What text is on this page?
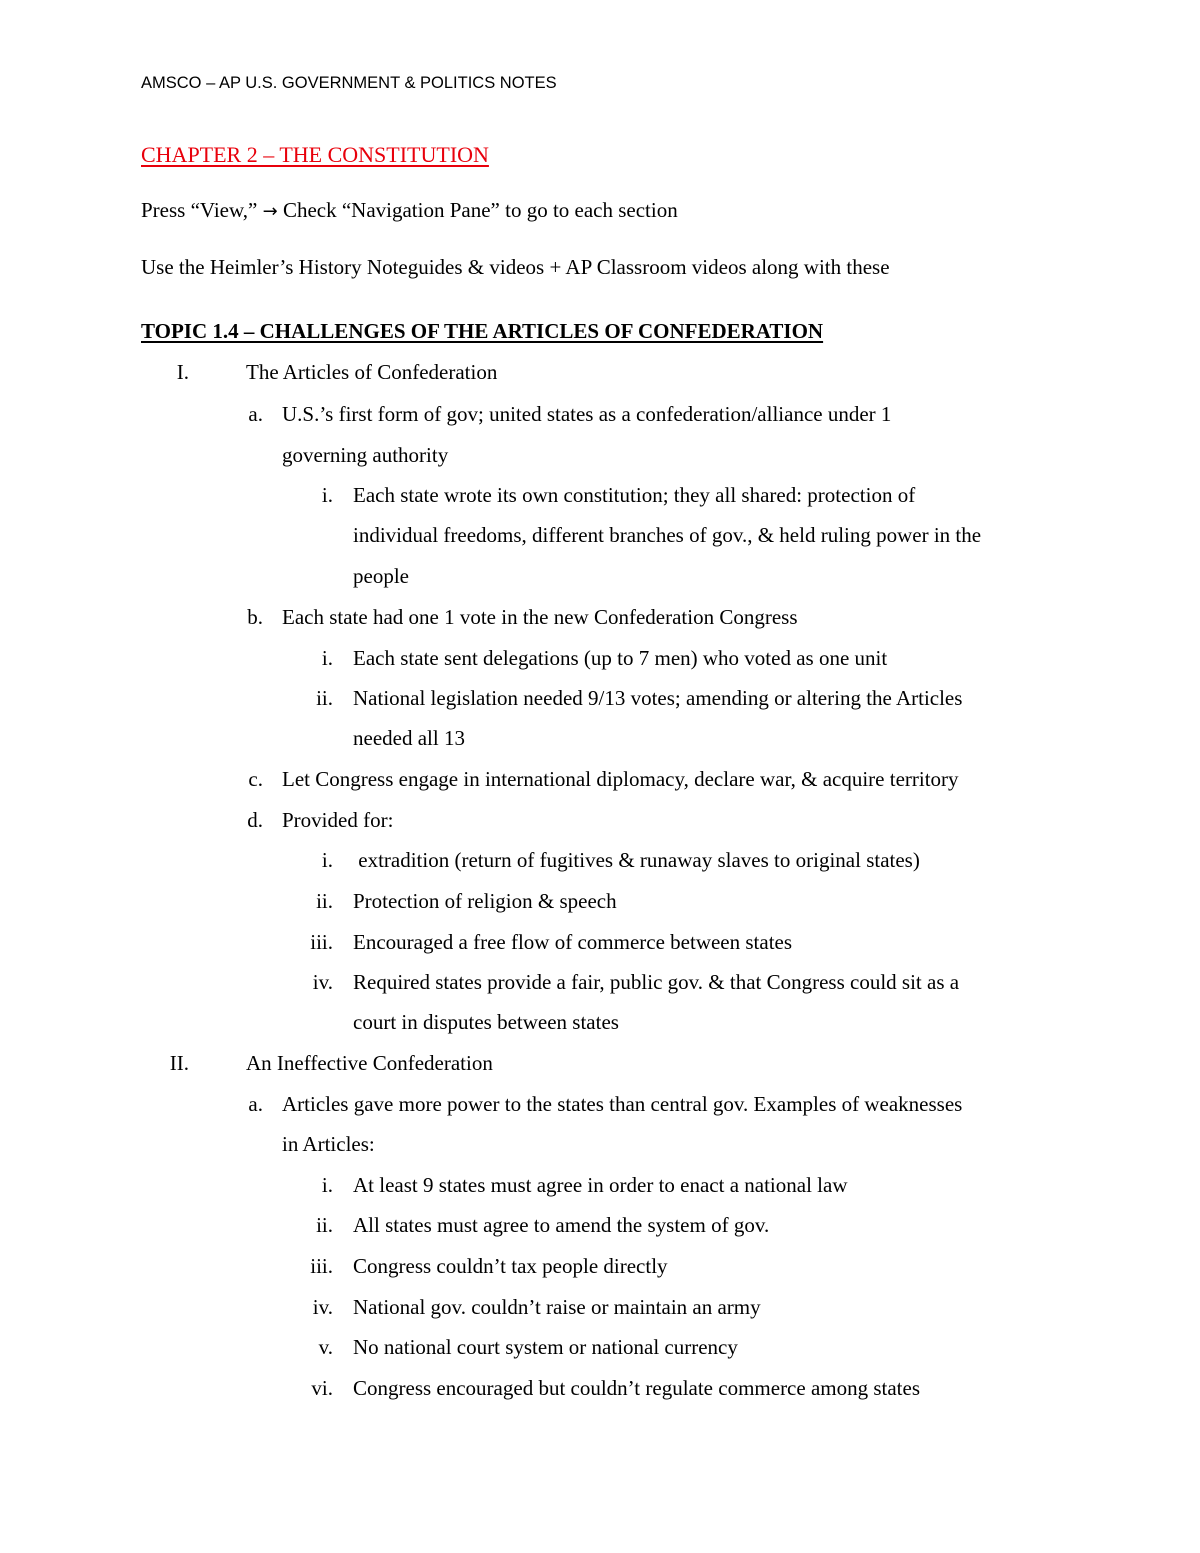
AMSCO – AP U.S. GOVERNMENT & POLITICS NOTES
CHAPTER 2 – THE CONSTITUTION
Press “View,” → Check “Navigation Pane” to go to each section
Use the Heimler’s History Noteguides & videos + AP Classroom videos along with these
TOPIC 1.4 – CHALLENGES OF THE ARTICLES OF CONFEDERATION
I.	The Articles of Confederation
a. U.S.’s first form of gov; united states as a confederation/alliance under 1
governing authority
i. Each state wrote its own constitution; they all shared: protection of
individual freedoms, different branches of gov., & held ruling power in the
people
b. Each state had one 1 vote in the new Confederation Congress
i. Each state sent delegations (up to 7 men) who voted as one unit
ii. National legislation needed 9/13 votes; amending or altering the Articles
needed all 13
c. Let Congress engage in international diplomacy, declare war, & acquire territory
d. Provided for:
i. extradition (return of fugitives & runaway slaves to original states)
ii. Protection of religion & speech
iii. Encouraged a free flow of commerce between states
iv. Required states provide a fair, public gov. & that Congress could sit as a
court in disputes between states
II.	An Ineffective Confederation
a. Articles gave more power to the states than central gov. Examples of weaknesses
in Articles:
i. At least 9 states must agree in order to enact a national law
ii. All states must agree to amend the system of gov.
iii. Congress couldn’t tax people directly
iv. National gov. couldn’t raise or maintain an army
v. No national court system or national currency
vi. Congress encouraged but couldn’t regulate commerce among states
